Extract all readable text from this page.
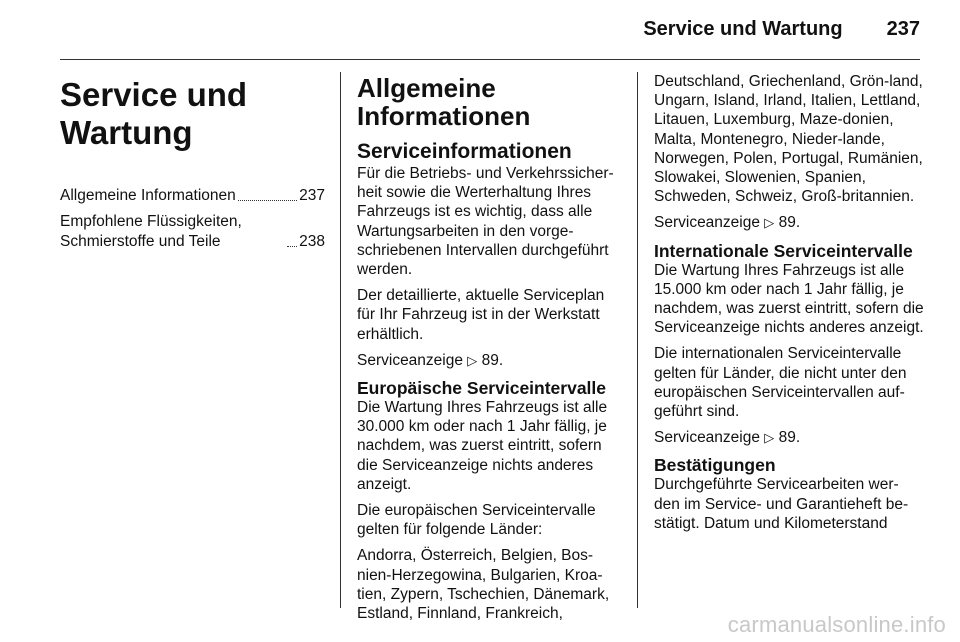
Service und Wartung 237
Service und Wartung
Allgemeine Informationen	237
Empfohlene Flüssigkeiten, Schmierstoffe und Teile	238
Allgemeine Informationen
Serviceinformationen

Für die Betriebs- und Verkehrssicher-heit sowie die Werterhaltung Ihres Fahrzeugs ist es wichtig, dass alle Wartungsarbeiten in den vorge-schriebenen Intervallen durchgeführt werden.

Der detaillierte, aktuelle Serviceplan für Ihr Fahrzeug ist in der Werkstatt erhältlich.

Serviceanzeige ▷ 89.

Europäische Serviceintervalle

Die Wartung Ihres Fahrzeugs ist alle 30.000 km oder nach 1 Jahr fällig, je nachdem, was zuerst eintritt, sofern die Serviceanzeige nichts anderes anzeigt.

Die europäischen Serviceintervalle gelten für folgende Länder:

Andorra, Österreich, Belgien, Bos-nien-Herzegowina, Bulgarien, Kroa-tien, Zypern, Tschechien, Dänemark, Estland, Finnland, Frankreich,

Deutschland, Griechenland, Grön-land, Ungarn, Island, Irland, Italien, Lettland, Litauen, Luxemburg, Maze-donien, Malta, Montenegro, Nieder-lande, Norwegen, Polen, Portugal, Rumänien, Slowakei, Slowenien, Spanien, Schweden, Schweiz, Groß-britannien.

Serviceanzeige ▷ 89.

Internationale Serviceintervalle

Die Wartung Ihres Fahrzeugs ist alle 15.000 km oder nach 1 Jahr fällig, je nachdem, was zuerst eintritt, sofern die Serviceanzeige nichts anderes anzeigt.

Die internationalen Serviceintervalle gelten für Länder, die nicht unter den europäischen Serviceintervallen auf-geführt sind.

Serviceanzeige ▷ 89.

Bestätigungen

Durchgeführte Servicearbeiten wer-den im Service- und Garantieheft be-stätigt. Datum und Kilometerstand

carmanualsonline.info
